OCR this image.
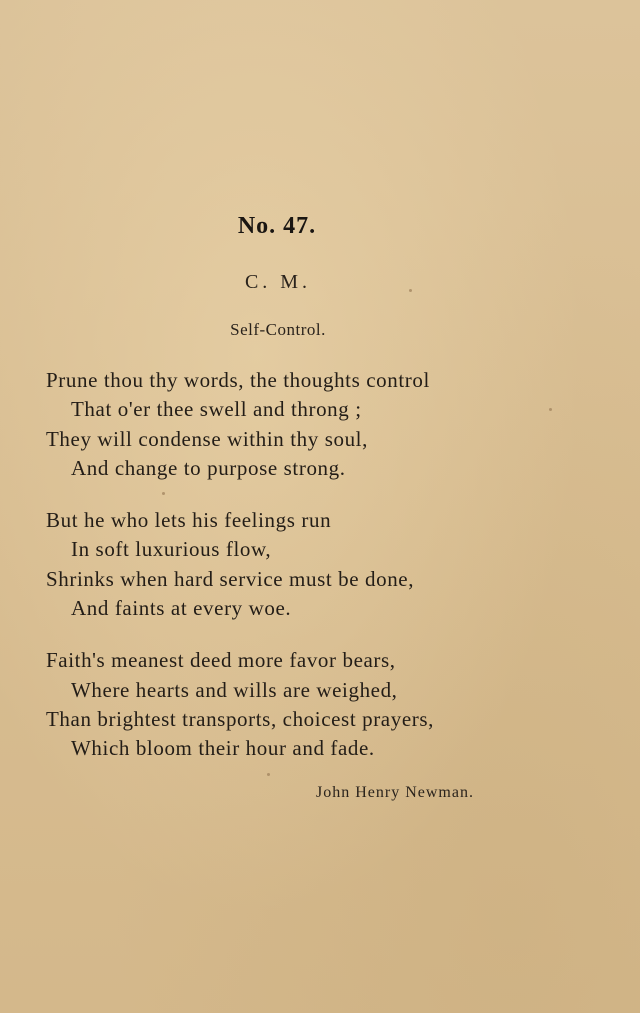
No. 47.
C. M.
Self-Control.
Prune thou thy words, the thoughts control
That o'er thee swell and throng ;
They will condense within thy soul,
And change to purpose strong.
But he who lets his feelings run
In soft luxurious flow,
Shrinks when hard service must be done,
And faints at every woe.
Faith's meanest deed more favor bears,
Where hearts and wills are weighed,
Than brightest transports, choicest prayers,
Which bloom their hour and fade.
John Henry Newman.
